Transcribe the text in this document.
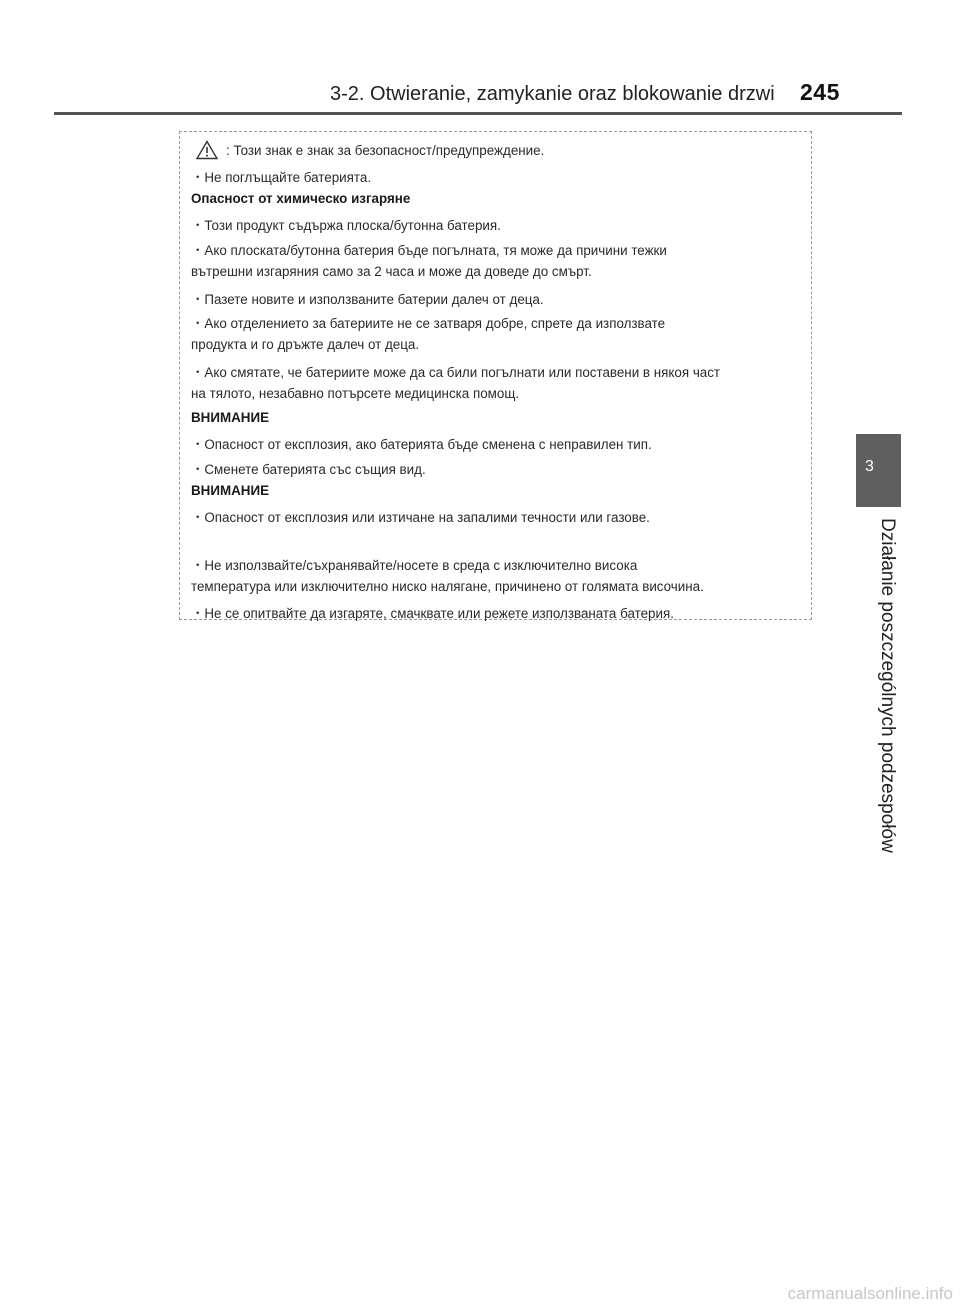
3-2. Otwieranie, zamykanie oraz blokowanie drzwi 245
: Този знак е знак за безопасност/предупреждение.
・Не поглъщайте батерията.
Опасност от химическо изгаряне
・Този продукт съдържа плоска/бутонна батерия.
・Ако плоската/бутонна батерия бъде погълната, тя може да причини тежки
вътрешни изгаряния само за 2 часа и може да доведе до смърт.
・Пазете новите и използваните батерии далеч от деца.
・Ако отделението за батериите не се затваря добре, спрете да използвате
продукта и го дръжте далеч от деца.
・Ако смятате, че батериите може да са били погълнати или поставени в някоя част
на тялото, незабавно потърсете медицинска помощ.
ВНИМАНИЕ
・Опасност от експлозия, ако батерията бъде сменена с неправилен тип.
・Сменете батерията със същия вид.
ВНИМАНИЕ
・Опасност от експлозия или изтичане на запалими течности или газове.
・Не използвайте/съхранявайте/носете в среда с изключително висока
температура или изключително ниско налягане, причинено от голямата височина.
・Не се опитвайте да изгаряте, смачквате или режете използваната батерия.
3
Działanie poszczególnych podzespołów
carmanualsonline.info
